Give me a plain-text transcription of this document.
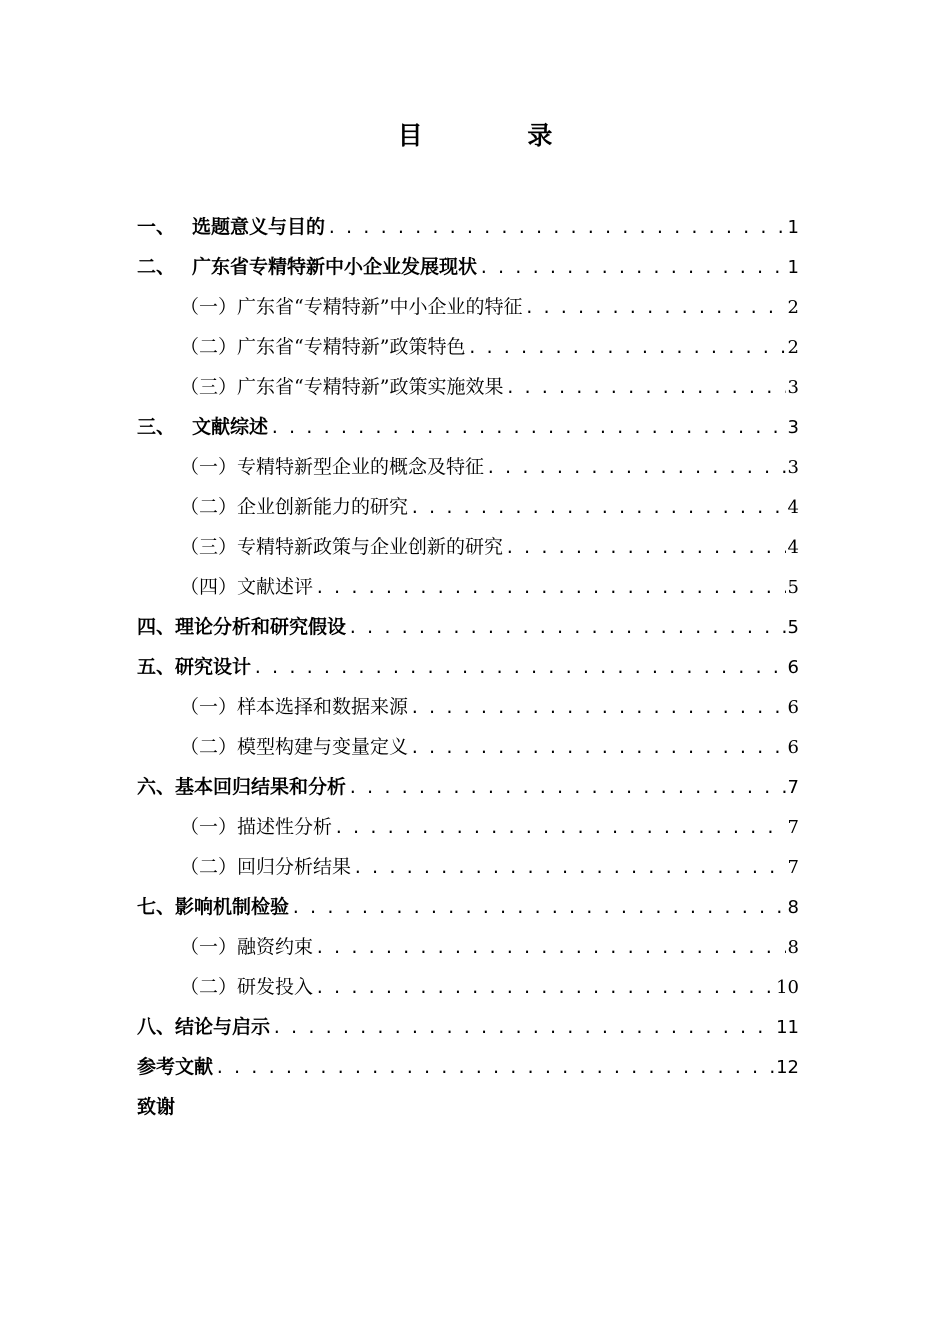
目 录
一、 选题意义与目的 . . .	1
二、 广东省专精特新中小企业发展现状 . . .	1
（一） 广东省“专精特新”中小企业的特征 . . .	2
（二） 广东省“专精特新”政策特色 . . .	2
（三） 广东省“专精特新”政策实施效果 . . .	3
三、 文献综述 . . .	3
（一） 专精特新型企业的概念及特征 . . .	3
（二） 企业创新能力的研究 . . .	4
（三） 专精特新政策与企业创新的研究 . . .	4
（四） 文献述评 . . .	5
四、 理论分析和研究假设 . . .	5
五、 研究设计 . . .	6
（一） 样本选择和数据来源 . . .	6
（二） 模型构建与变量定义 . . .	6
六、 基本回归结果和分析 . . .	7
（一） 描述性分析 . . .	7
（二） 回归分析结果 . . .	7
七、 影响机制检验 . . .	8
（一） 融资约束 . . .	8
（二） 研发投入 . . .	10
八、 结论与启示 . . .	11
参考文献 . . .	12
致谢
